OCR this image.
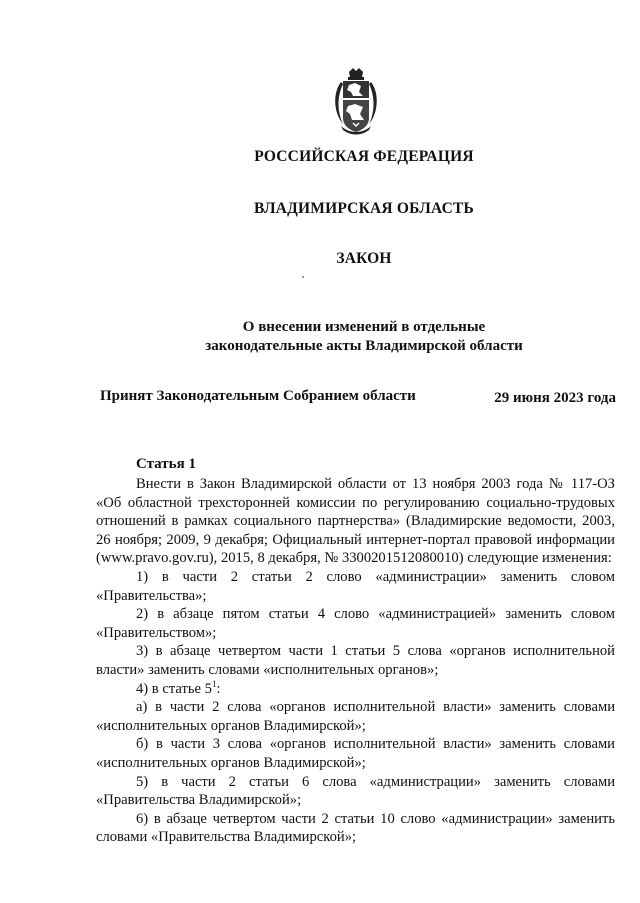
РОССИЙСКАЯ ФЕДЕРАЦИЯ
ВЛАДИМИРСКАЯ ОБЛАСТЬ
ЗАКОН
О внесении изменений в отдельные
законодательные акты Владимирской области
Принят Законодательным Собранием области	29 июня 2023 года
Статья 1

Внести в Закон Владимирской области от 13 ноября 2003 года № 117-ОЗ «Об областной трехсторонней комиссии по регулированию социально-трудовых отношений в рамках социального партнерства» (Владимирские ведомости, 2003, 26 ноября; 2009, 9 декабря; Официальный интернет-портал правовой информации (www.pravo.gov.ru), 2015, 8 декабря, № 3300201512080010) следующие изменения:

1) в части 2 статьи 2 слово «администрации» заменить словом «Правительства»;

2) в абзаце пятом статьи 4 слово «администрацией» заменить словом «Правительством»;

3) в абзаце четвертом части 1 статьи 5 слова «органов исполнительной власти» заменить словами «исполнительных органов»;

4) в статье $5^1$:

а) в части 2 слова «органов исполнительной власти» заменить словами «исполнительных органов Владимирской»;

б) в части 3 слова «органов исполнительной власти» заменить словами «исполнительных органов Владимирской»;

5) в части 2 статьи 6 слова «администрации» заменить словами «Правительства Владимирской»;

6) в абзаце четвертом части 2 статьи 10 слово «администрации» заменить словами «Правительства Владимирской»;
